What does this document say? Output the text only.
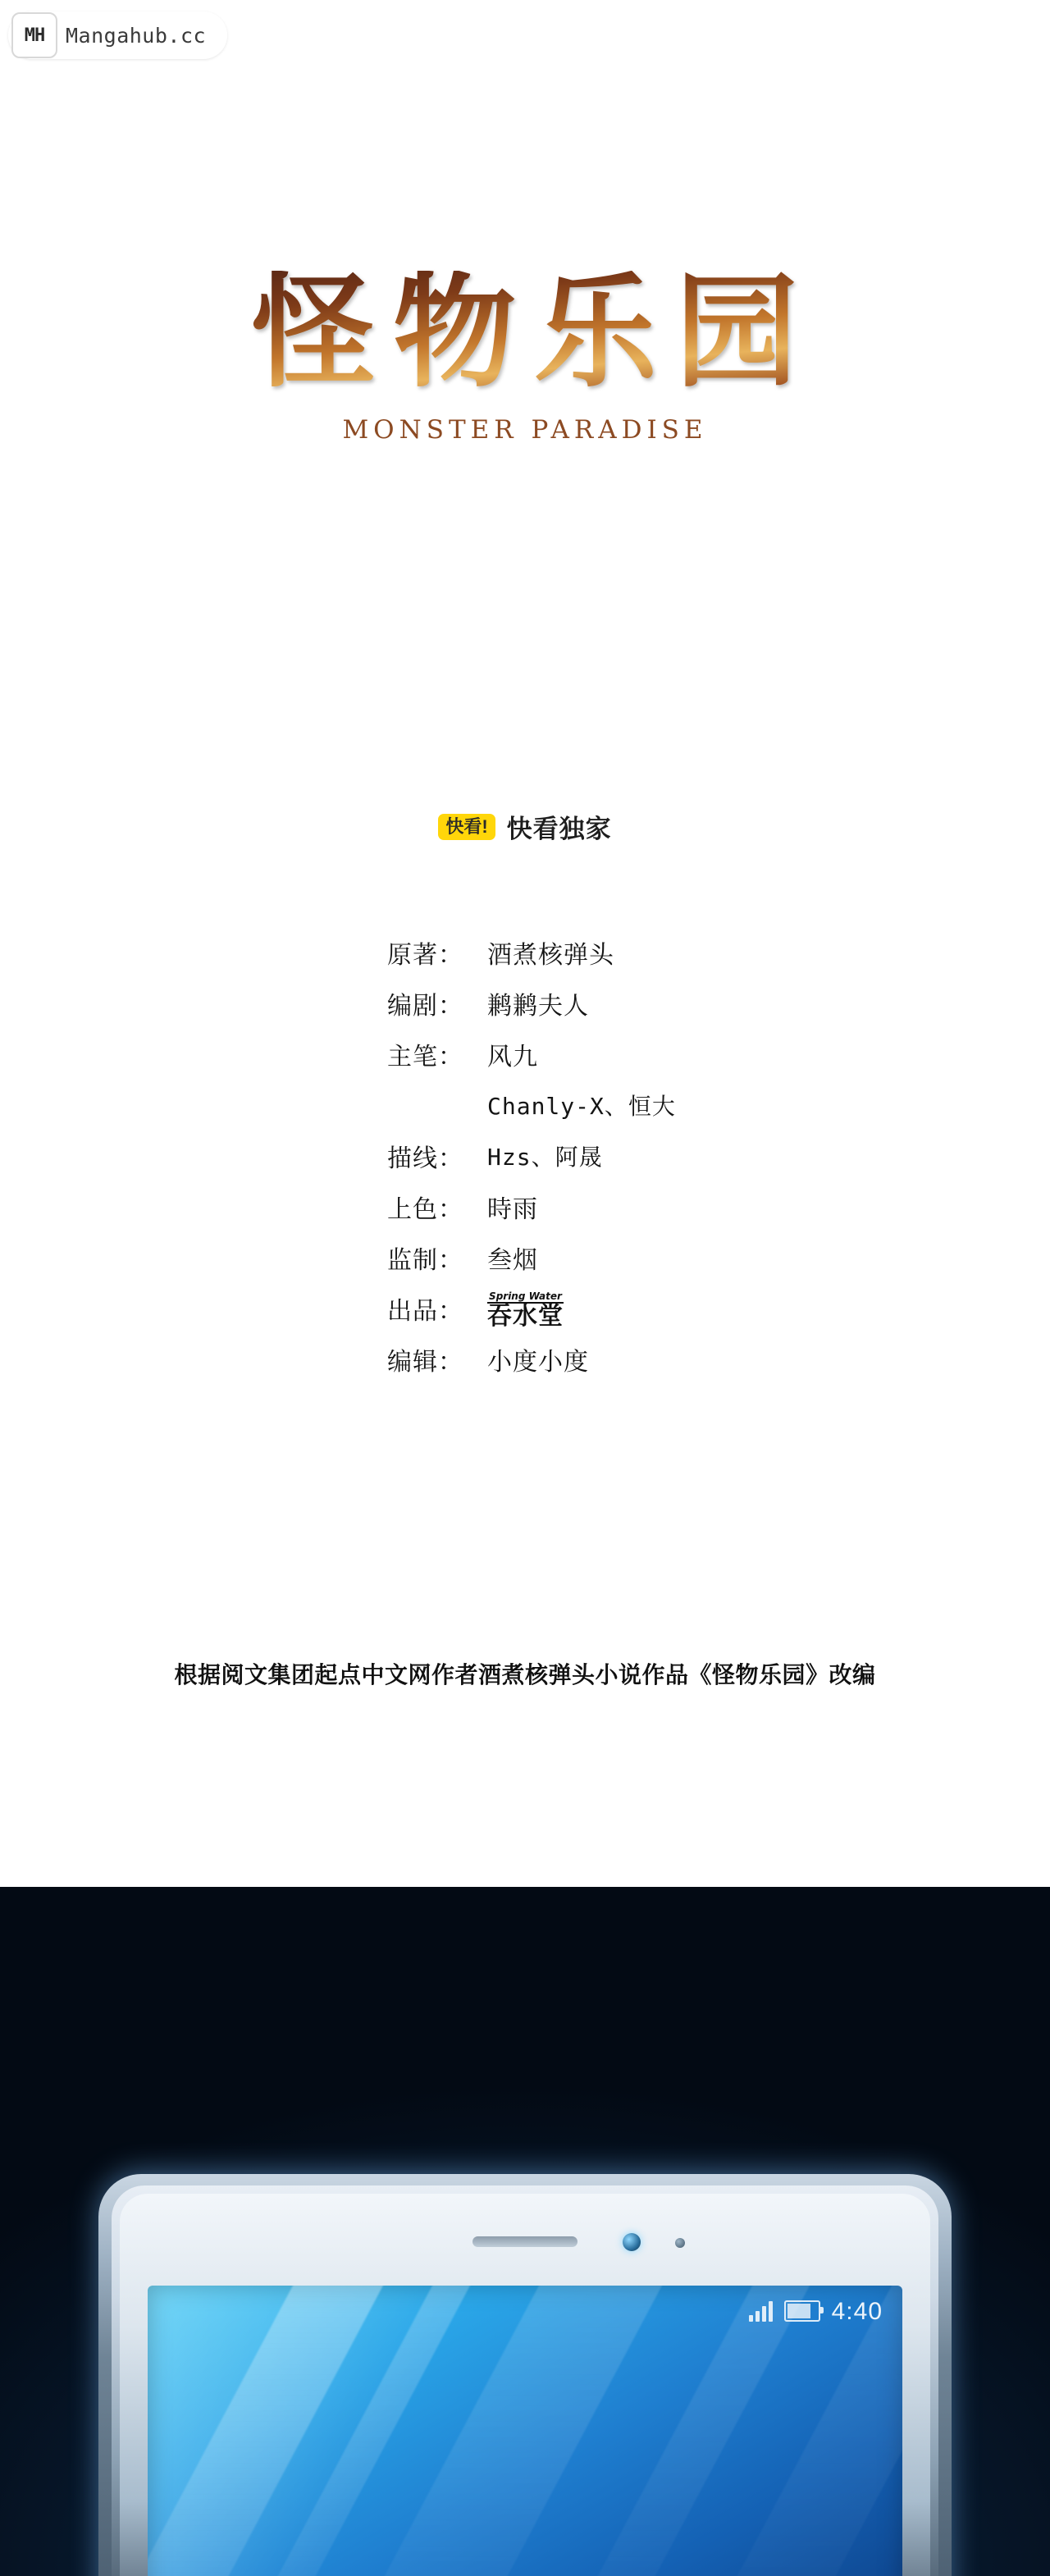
MH	Mangahub.cc
怪物乐园
MONSTER PARADISE
快看! 快看独家
原著： 酒煮核弹头
编剧： 鹣鹣夫人
主笔： 风九
Chanly-X、恒大
描线：	Hzs、阿晟
上色： 時雨
监制： 叁烟
出品：
Spring Water
吞水堂
编辑： 小度小度
根据阅文集团起点中文网作者酒煮核弹头小说作品《怪物乐园》改编
4:40
